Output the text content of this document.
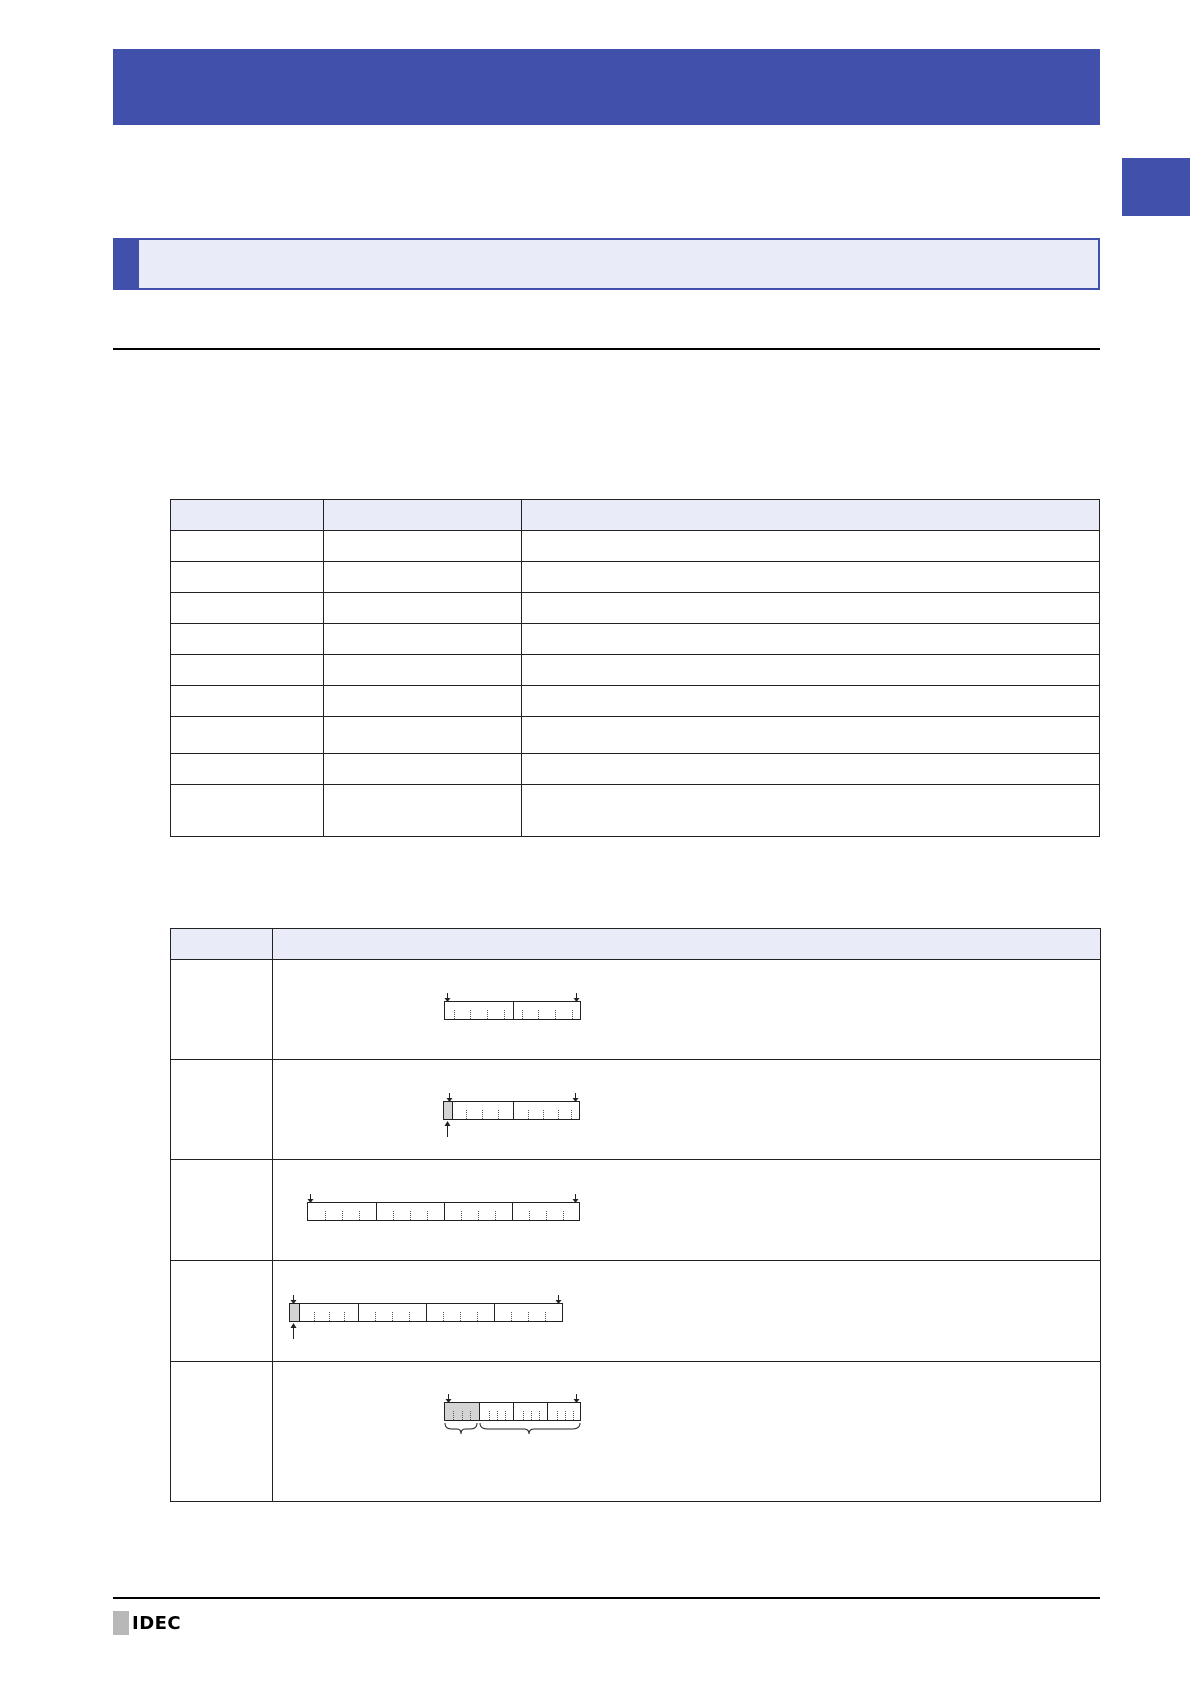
IDEC
